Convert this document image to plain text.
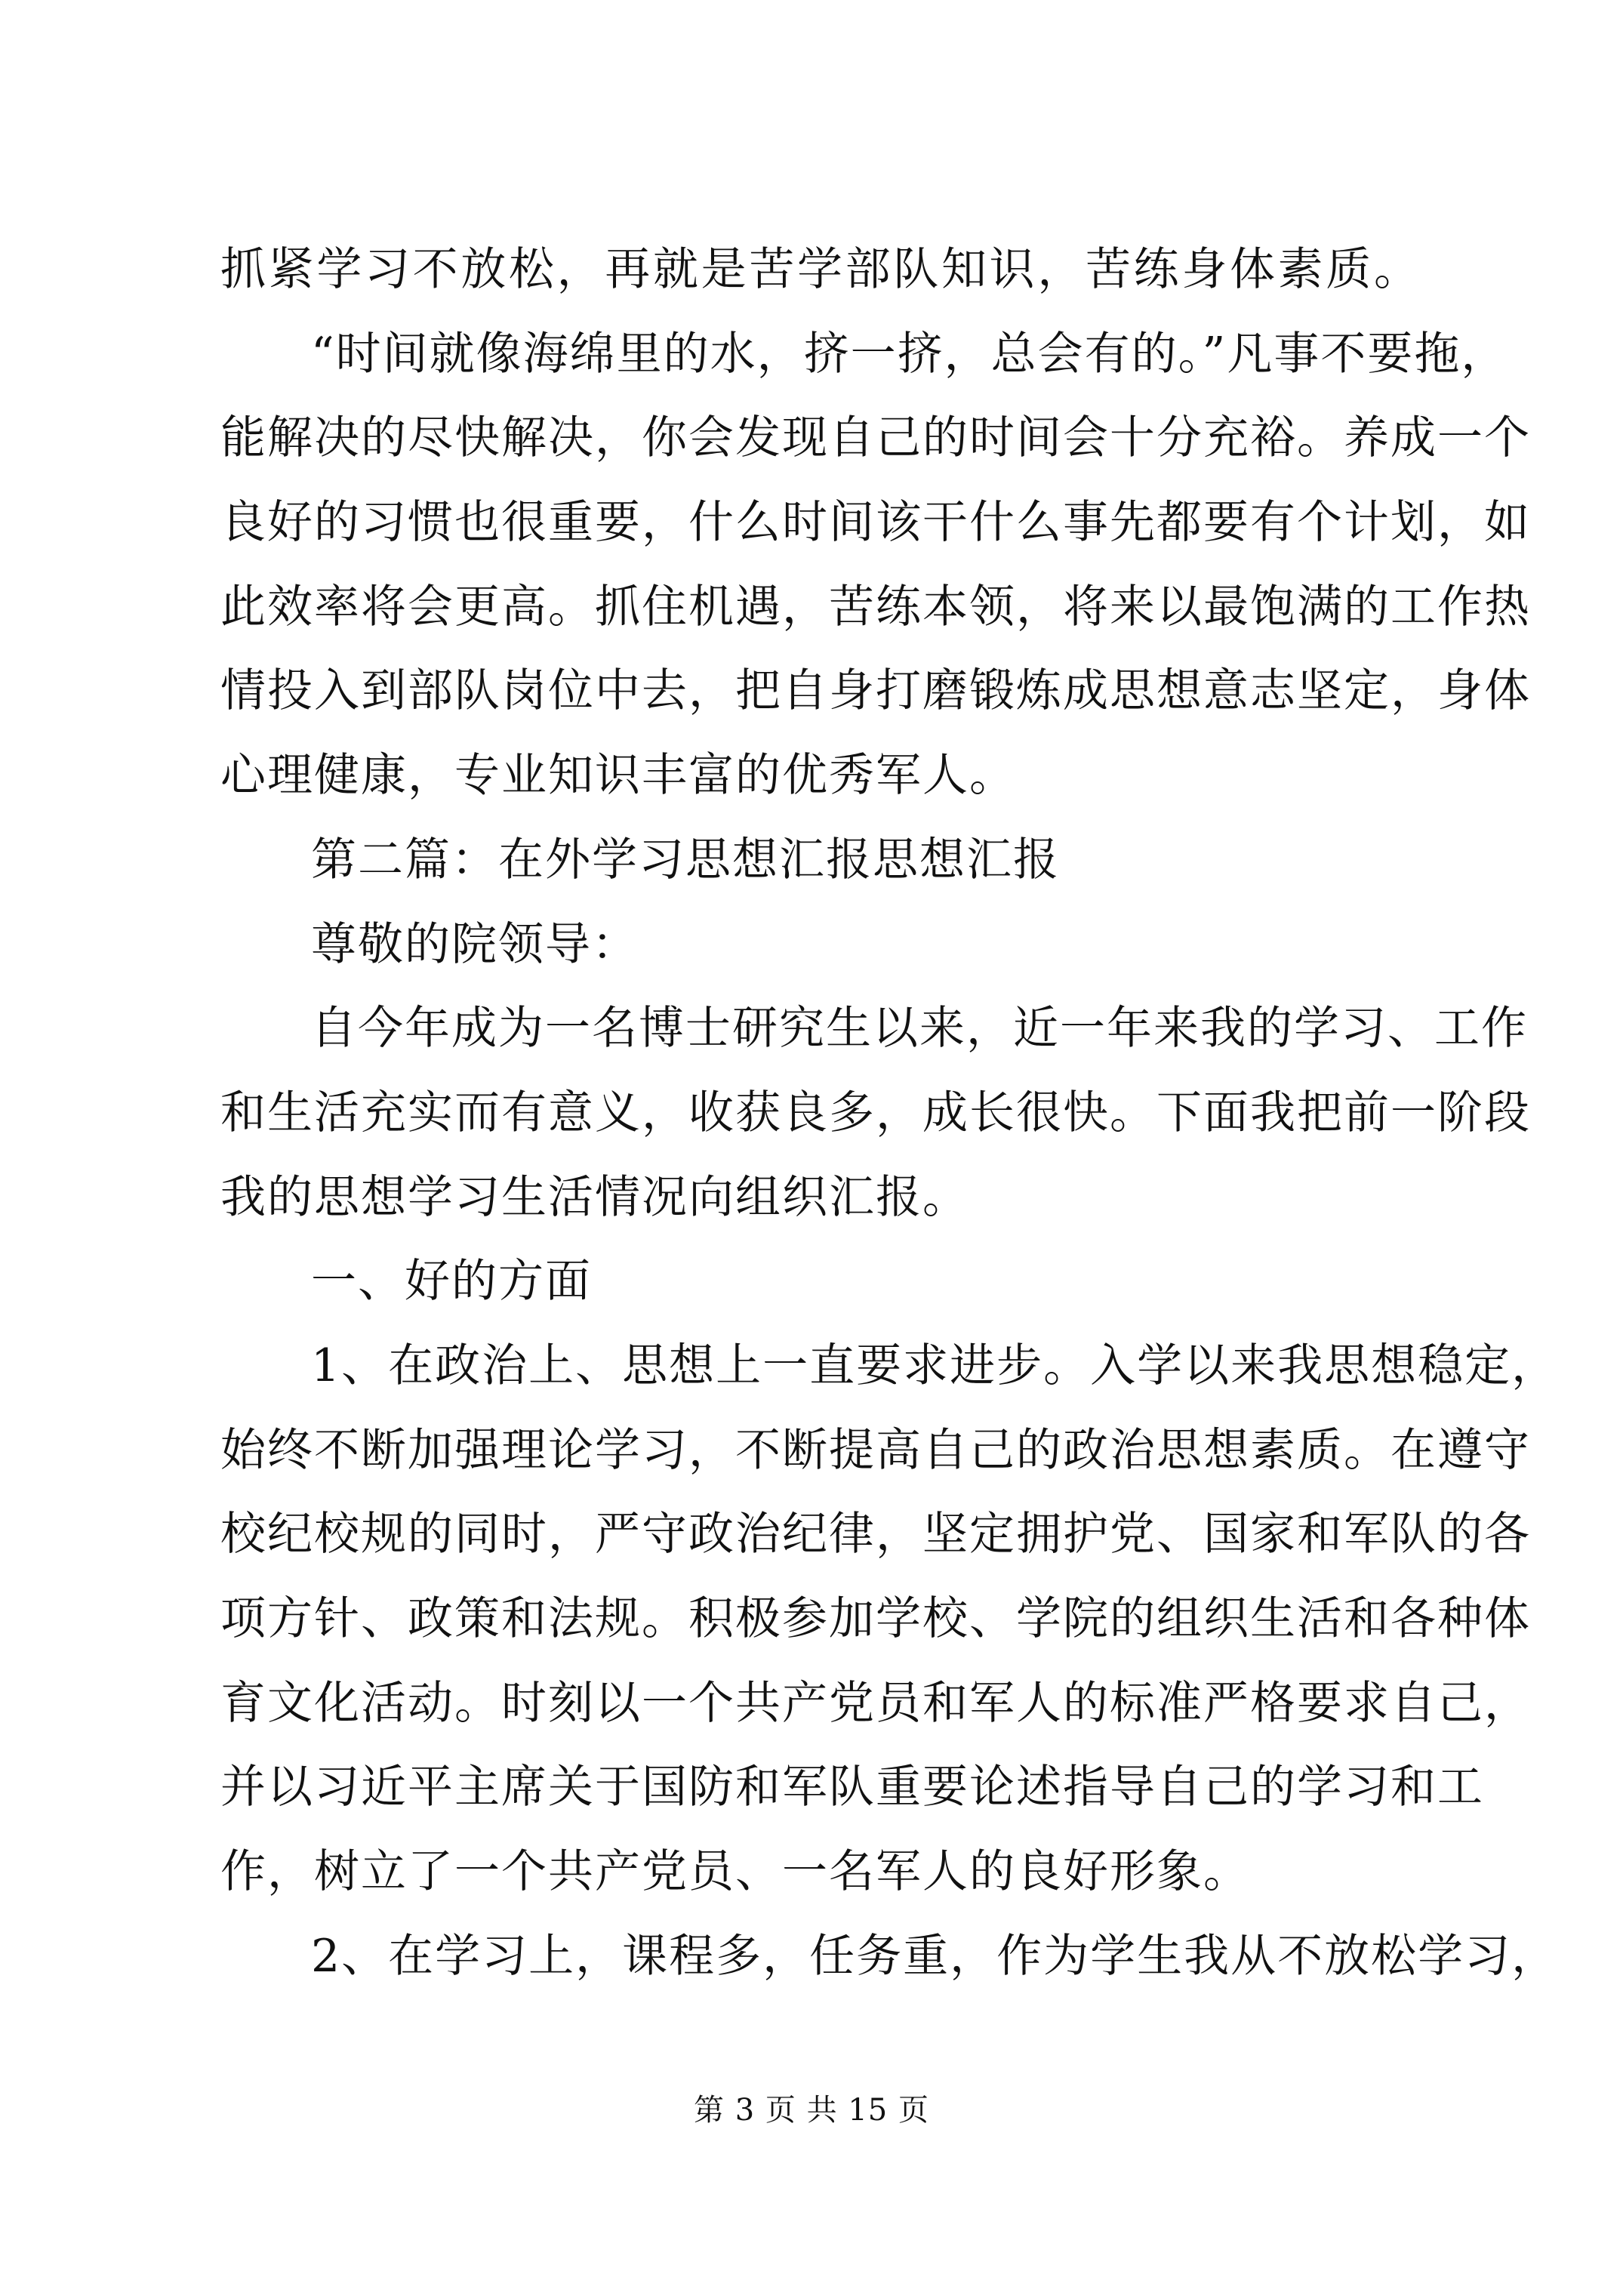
抓紧学习不放松，再就是苦学部队知识，苦练身体素质。
“时间就像海绵里的水，挤一挤，总会有的。”凡事不要拖，
能解决的尽快解决，你会发现自己的时间会十分充裕。养成一个
良好的习惯也很重要，什么时间该干什么事先都要有个计划，如
此效率将会更高。抓住机遇，苦练本领，将来以最饱满的工作热
情投入到部队岗位中去，把自身打磨锻炼成思想意志坚定，身体
心理健康，专业知识丰富的优秀军人。
第二篇：在外学习思想汇报思想汇报
尊敬的院领导：
自今年成为一名博士研究生以来，近一年来我的学习、工作
和生活充实而有意义，收获良多，成长很快。下面我把前一阶段
我的思想学习生活情况向组织汇报。
一、好的方面
1、在政治上、思想上一直要求进步。入学以来我思想稳定，
始终不断加强理论学习，不断提高自己的政治思想素质。在遵守
校纪校规的同时，严守政治纪律，坚定拥护党、国家和军队的各
项方针、政策和法规。积极参加学校、学院的组织生活和各种体
育文化活动。时刻以一个共产党员和军人的标准严格要求自己，
并以习近平主席关于国防和军队重要论述指导自己的学习和工
作，树立了一个共产党员、一名军人的良好形象。
2、在学习上，课程多，任务重，作为学生我从不放松学习，
第 3 页 共 15 页
